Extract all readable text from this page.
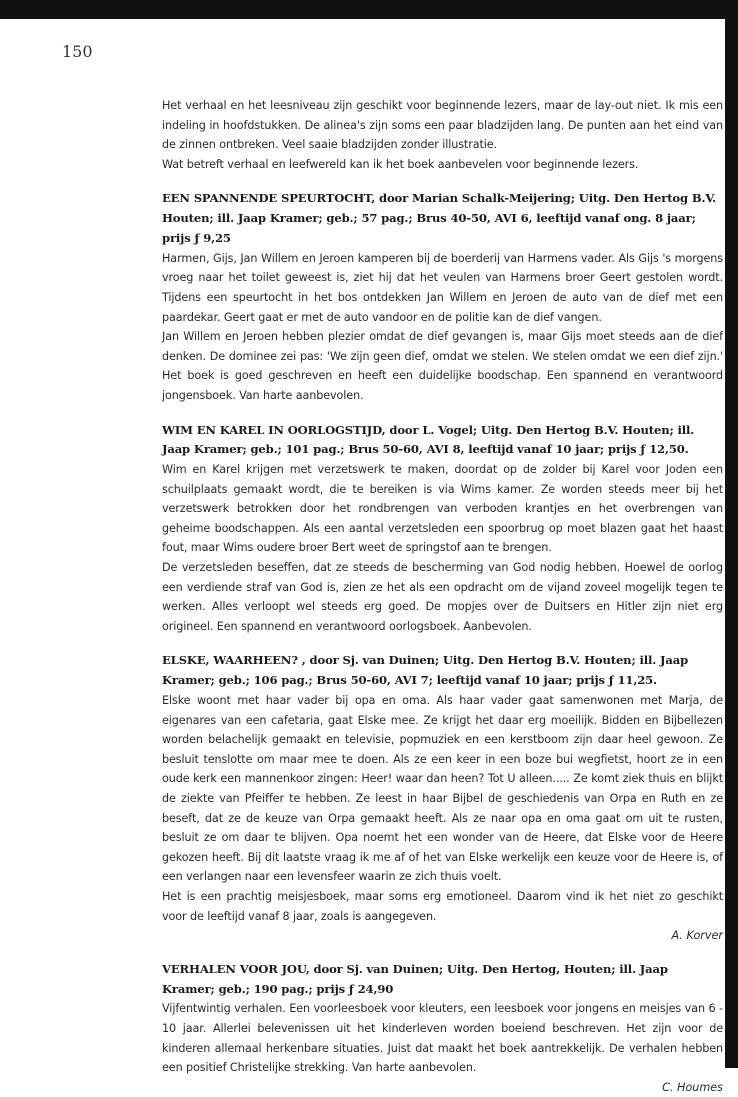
150

Het verhaal en het leesniveau zijn geschikt voor beginnende lezers, maar de lay-out niet. Ik mis een indeling in hoofdstukken. De alinea's zijn soms een paar bladzijden lang. De punten aan het eind van de zinnen ontbreken. Veel saaie bladzijden zonder illustratie.

Wat betreft verhaal en leefwereld kan ik het boek aanbevelen voor beginnende lezers.

EEN SPANNENDE SPEURTOCHT, door Marian Schalk-Meijering; Uitg. Den Hertog B.V. Houten; ill. Jaap Kramer; geb.; 57 pag.; Brus 40-50, AVI 6, leeftijd vanaf ong. 8 jaar; prijs ƒ 9,25

Harmen, Gijs, Jan Willem en Jeroen kamperen bij de boerderij van Harmens vader. Als Gijs 's morgens vroeg naar het toilet geweest is, ziet hij dat het veulen van Harmens broer Geert gestolen wordt. Tijdens een speurtocht in het bos ontdekken Jan Willem en Jeroen de auto van de dief met een paardekar. Geert gaat er met de auto vandoor en de politie kan de dief vangen.

Jan Willem en Jeroen hebben plezier omdat de dief gevangen is, maar Gijs moet steeds aan de dief denken. De dominee zei pas: 'We zijn geen dief, omdat we stelen. We stelen omdat we een dief zijn.' Het boek is goed geschreven en heeft een duidelijke boodschap. Een spannend en verantwoord jongensboek. Van harte aanbevolen.

WIM EN KAREL IN OORLOGSTIJD, door L. Vogel; Uitg. Den Hertog B.V. Houten; ill. Jaap Kramer; geb.; 101 pag.; Brus 50-60, AVI 8, leeftijd vanaf 10 jaar; prijs ƒ 12,50.

Wim en Karel krijgen met verzetswerk te maken, doordat op de zolder bij Karel voor Joden een schuilplaats gemaakt wordt, die te bereiken is via Wims kamer. Ze worden steeds meer bij het verzetswerk betrokken door het rondbrengen van verboden krantjes en het overbrengen van geheime boodschappen. Als een aantal verzetsleden een spoorbrug op moet blazen gaat het haast fout, maar Wims oudere broer Bert weet de springstof aan te brengen.

De verzetsleden beseffen, dat ze steeds de bescherming van God nodig hebben. Hoewel de oorlog een verdiende straf van God is, zien ze het als een opdracht om de vijand zoveel mogelijk tegen te werken. Alles verloopt wel steeds erg goed. De mopjes over de Duitsers en Hitler zijn niet erg origineel. Een spannend en verantwoord oorlogsboek. Aanbevolen.

ELSKE, WAARHEEN? , door Sj. van Duinen; Uitg. Den Hertog B.V. Houten; ill. Jaap Kramer; geb.; 106 pag.; Brus 50-60, AVI 7; leeftijd vanaf 10 jaar; prijs ƒ 11,25.

Elske woont met haar vader bij opa en oma. Als haar vader gaat samenwonen met Marja, de eigenares van een cafetaria, gaat Elske mee. Ze krijgt het daar erg moeilijk. Bidden en Bijbellezen worden belachelijk gemaakt en televisie, popmuziek en een kerstboom zijn daar heel gewoon. Ze besluit tenslotte om maar mee te doen. Als ze een keer in een boze bui wegfietst, hoort ze in een oude kerk een mannenkoor zingen: Heer! waar dan heen? Tot U alleen..... Ze komt ziek thuis en blijkt de ziekte van Pfeiffer te hebben. Ze leest in haar Bijbel de geschiedenis van Orpa en Ruth en ze beseft, dat ze de keuze van Orpa gemaakt heeft. Als ze naar opa en oma gaat om uit te rusten, besluit ze om daar te blijven. Opa noemt het een wonder van de Heere, dat Elske voor de Heere gekozen heeft. Bij dit laatste vraag ik me af of het van Elske werkelijk een keuze voor de Heere is, of een verlangen naar een levensfeer waarin ze zich thuis voelt.

Het is een prachtig meisjesboek, maar soms erg emotioneel. Daarom vind ik het niet zo geschikt voor de leeftijd vanaf 8 jaar, zoals is aangegeven.

A. Korver

VERHALEN VOOR JOU, door Sj. van Duinen; Uitg. Den Hertog, Houten; ill. Jaap Kramer; geb.; 190 pag.; prijs ƒ 24,90

Vijfentwintig verhalen. Een voorleesboek voor kleuters, een leesboek voor jongens en meisjes van 6 - 10 jaar. Allerlei belevenissen uit het kinderleven worden boeiend beschreven. Het zijn voor de kinderen allemaal herkenbare situaties. Juist dat maakt het boek aantrekkelijk. De verhalen hebben een positief Christelijke strekking. Van harte aanbevolen.

C. Houmes
